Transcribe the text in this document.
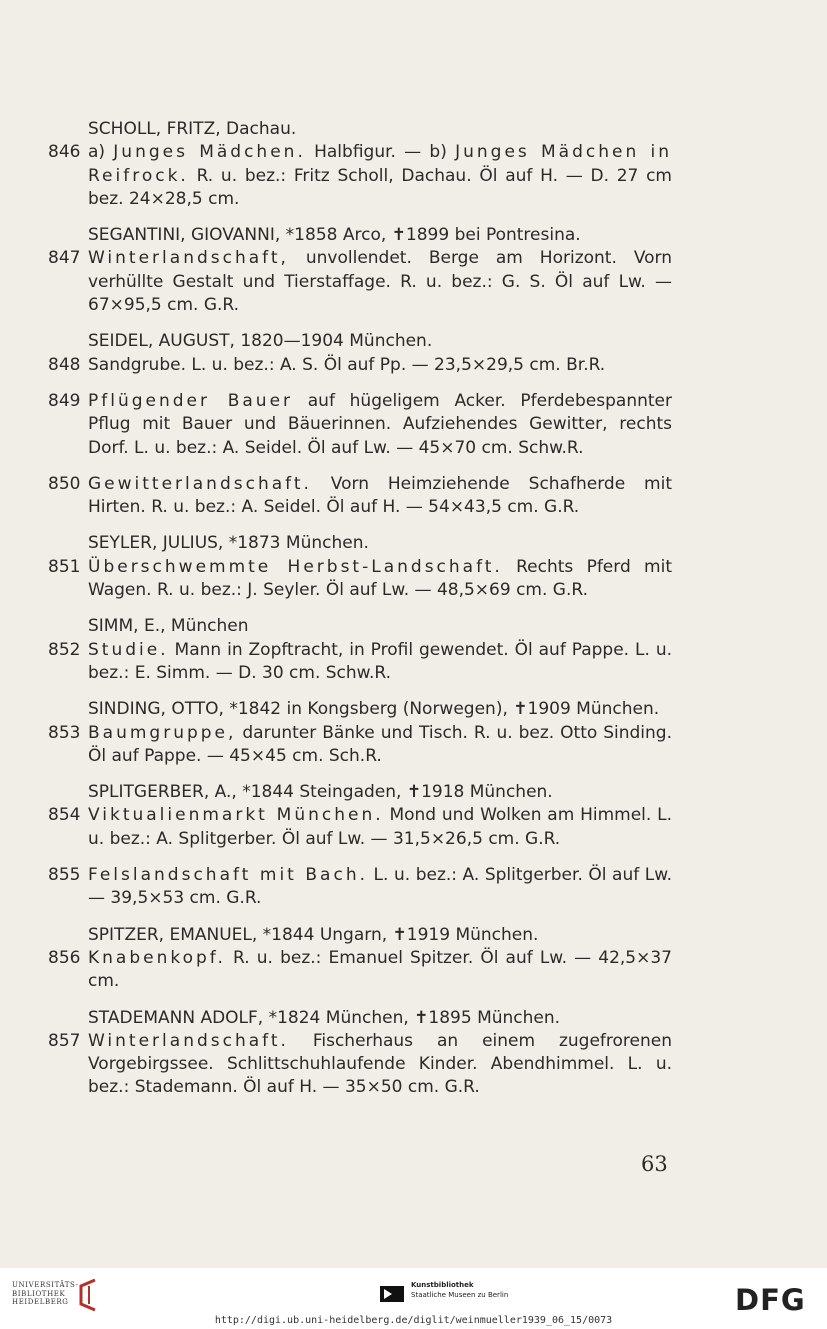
SCHOLL, FRITZ, Dachau.
846 a) Junges Mädchen. Halbfigur. — b) Junges Mädchen in Reifrock. R. u. bez.: Fritz Scholl, Dachau. Öl auf H. — D. 27 cm bez. 24×28,5 cm.
SEGANTINI, GIOVANNI, *1858 Arco, ✝1899 bei Pontresina.
847 Winterlandschaft, unvollendet. Berge am Horizont. Vorn verhüllte Gestalt und Tierstaffage. R. u. bez.: G. S. Öl auf Lw. — 67×95,5 cm. G.R.
SEIDEL, AUGUST, 1820—1904 München.
848 Sandgrube. L. u. bez.: A. S. Öl auf Pp. — 23,5×29,5 cm. Br.R.
849 Pflügender Bauer auf hügeligem Acker. Pferdebespannter Pflug mit Bauer und Bäuerinnen. Aufziehendes Gewitter, rechts Dorf. L. u. bez.: A. Seidel. Öl auf Lw. — 45×70 cm. Schw.R.
850 Gewitterlandschaft. Vorn Heimziehende Schafherde mit Hirten. R. u. bez.: A. Seidel. Öl auf H. — 54×43,5 cm. G.R.
SEYLER, JULIUS, *1873 München.
851 Überschwemmte Herbst-Landschaft. Rechts Pferd mit Wagen. R. u. bez.: J. Seyler. Öl auf Lw. — 48,5×69 cm. G.R.
SIMM, E., München
852 Studie. Mann in Zopftracht, in Profil gewendet. Öl auf Pappe. L. u. bez.: E. Simm. — D. 30 cm. Schw.R.
SINDING, OTTO, *1842 in Kongsberg (Norwegen), ✝1909 München.
853 Baumgruppe, darunter Bänke und Tisch. R. u. bez. Otto Sinding. Öl auf Pappe. — 45×45 cm. Sch.R.
SPLITGERBER, A., *1844 Steingaden, ✝1918 München.
854 Viktualienmarkt München. Mond und Wolken am Himmel. L. u. bez.: A. Splitgerber. Öl auf Lw. — 31,5×26,5 cm. G.R.
855 Felslandschaft mit Bach. L. u. bez.: A. Splitgerber. Öl auf Lw. — 39,5×53 cm. G.R.
SPITZER, EMANUEL, *1844 Ungarn, ✝1919 München.
856 Knabenkopf. R. u. bez.: Emanuel Spitzer. Öl auf Lw. — 42,5×37 cm.
STADEMANN ADOLF, *1824 München, ✝1895 München.
857 Winterlandschaft. Fischerhaus an einem zugefrorenen Vorgebirgssee. Schlittschuhlaufende Kinder. Abendhimmel. L. u. bez.: Stademann. Öl auf H. — 35×50 cm. G.R.
63
UNIVERSITÄTS-
BIBLIOTHEK
HEIDELBERG
Kunstbibliothek
Staatliche Museen zu Berlin	DFG
http://digi.ub.uni-heidelberg.de/diglit/weinmueller1939_06_15/0073
